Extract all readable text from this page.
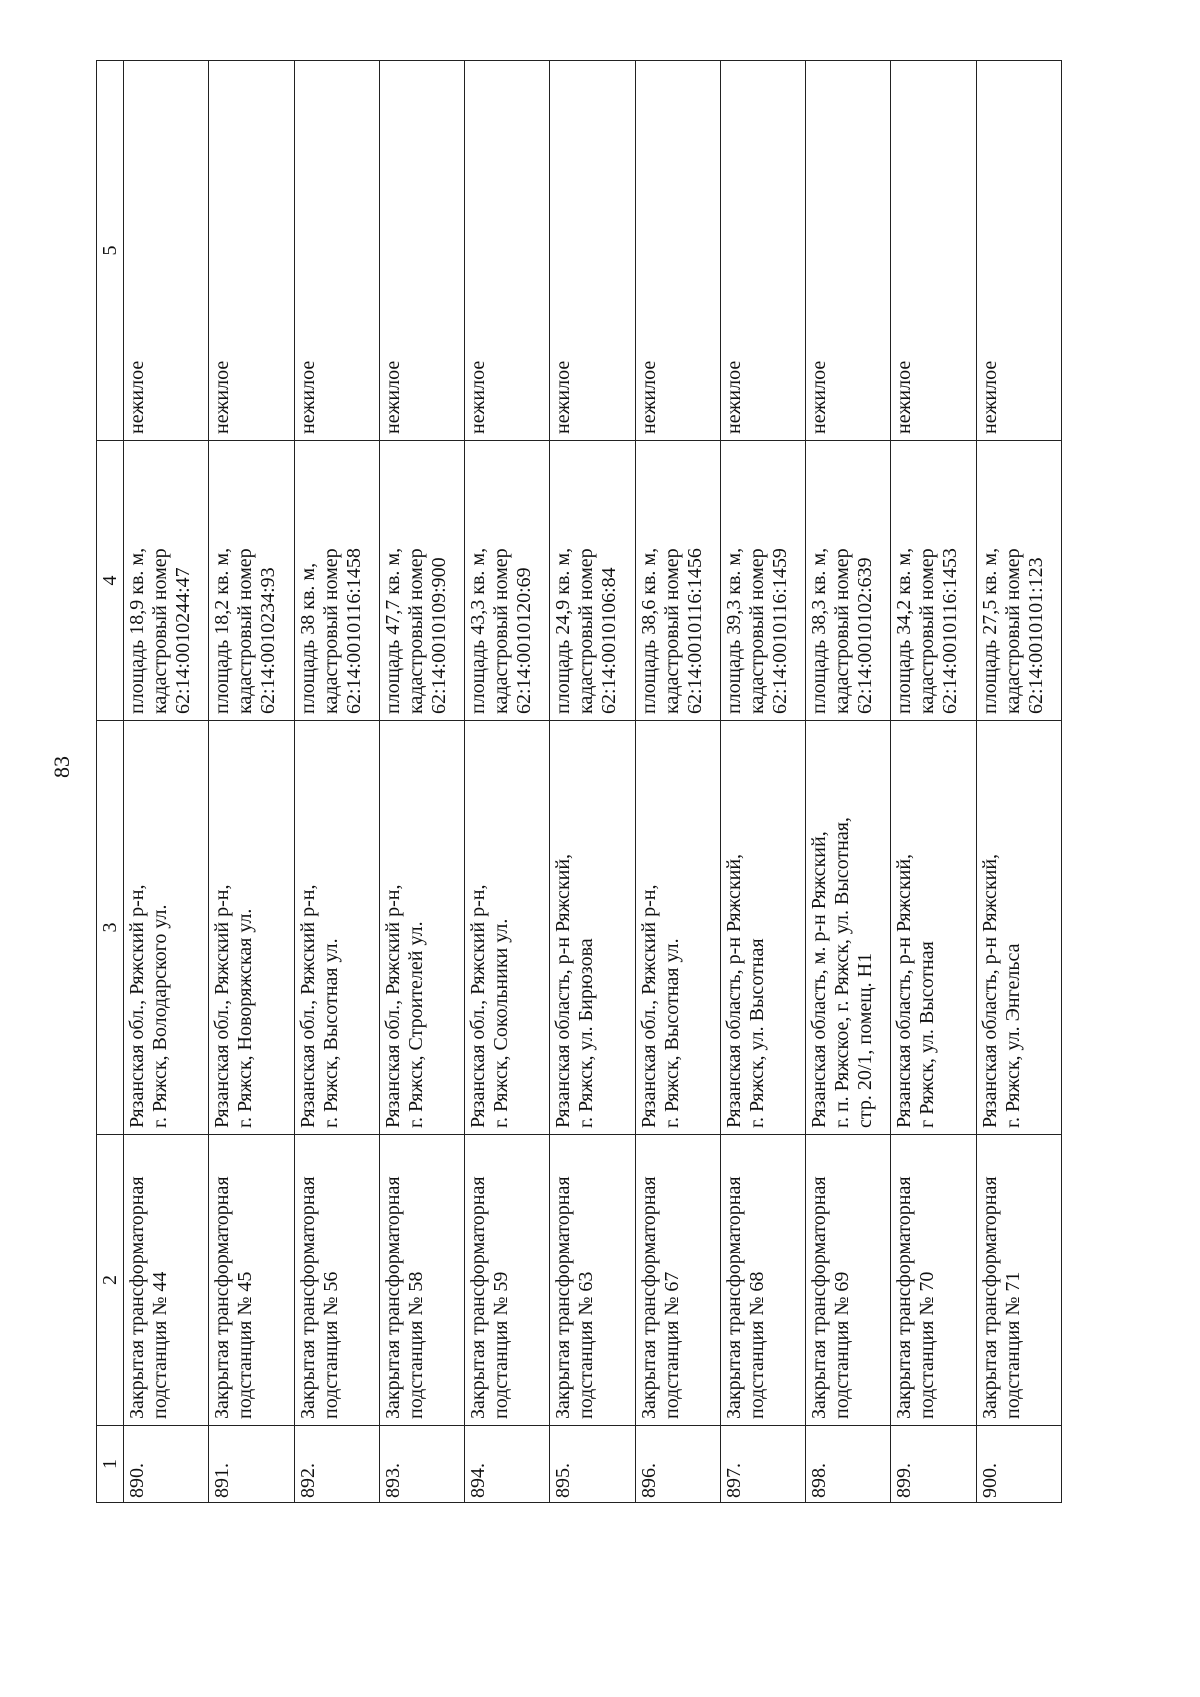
83
1	2	3	4	5
890.	Закрытая трансформаторная подстанция № 44	Рязанская обл., Ряжский р-н, г. Ряжск, Володарского ул.	площадь 18,9 кв. м, кадастровый номер 62:14:0010244:47	нежилое
891.	Закрытая трансформаторная подстанция № 45	Рязанская обл., Ряжский р-н, г. Ряжск, Новоряжская ул.	площадь 18,2 кв. м, кадастровый номер 62:14:0010234:93	нежилое
892.	Закрытая трансформаторная подстанция № 56	Рязанская обл., Ряжский р-н, г. Ряжск, Высотная ул.	площадь 38 кв. м, кадастровый номер 62:14:0010116:1458	нежилое
893.	Закрытая трансформаторная подстанция № 58	Рязанская обл., Ряжский р-н, г. Ряжск, Строителей ул.	площадь 47,7 кв. м, кадастровый номер 62:14:0010109:900	нежилое
894.	Закрытая трансформаторная подстанция № 59	Рязанская обл., Ряжский р-н, г. Ряжск, Сокольники ул.	площадь 43,3 кв. м, кадастровый номер 62:14:0010120:69	нежилое
895.	Закрытая трансформаторная подстанция № 63	Рязанская область, р-н Ряжский, г. Ряжск, ул. Бирюзова	площадь 24,9 кв. м, кадастровый номер 62:14:0010106:84	нежилое
896.	Закрытая трансформаторная подстанция № 67	Рязанская обл., Ряжский р-н, г. Ряжск, Высотная ул.	площадь 38,6 кв. м, кадастровый номер 62:14:0010116:1456	нежилое
897.	Закрытая трансформаторная подстанция № 68	Рязанская область, р-н Ряжский, г. Ряжск, ул. Высотная	площадь 39,3 кв. м, кадастровый номер 62:14:0010116:1459	нежилое
898.	Закрытая трансформаторная подстанция № 69	Рязанская область, м. р-н Ряжский, г. п. Ряжское, г. Ряжск, ул. Высотная, стр. 20/1, помещ. Н1	площадь 38,3 кв. м, кадастровый номер 62:14:0010102:639	нежилое
899.	Закрытая трансформаторная подстанция № 70	Рязанская область, р-н Ряжский, г Ряжск, ул. Высотная	площадь 34,2 кв. м, кадастровый номер 62:14:0010116:1453	нежилое
900.	Закрытая трансформаторная подстанция № 71	Рязанская область, р-н Ряжский, г. Ряжск, ул. Энгельса	площадь 27,5 кв. м, кадастровый номер 62:14:0010101:123	нежилое
